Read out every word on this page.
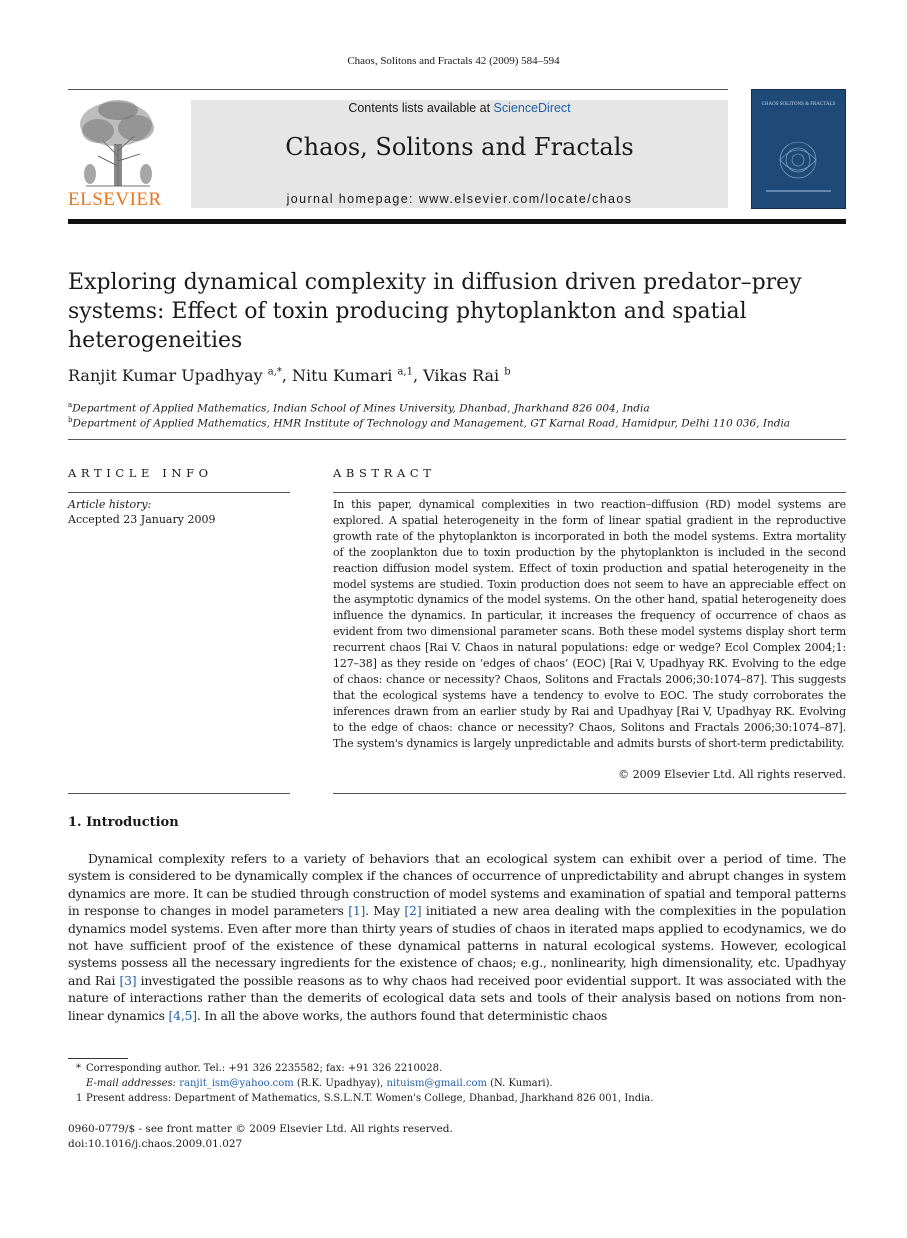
Chaos, Solitons and Fractals 42 (2009) 584–594
ELSEVIER
Contents lists available at ScienceDirect
Chaos, Solitons and Fractals
journal homepage: www.elsevier.com/locate/chaos
CHAOS SOLITONS & FRACTALS
Exploring dynamical complexity in diffusion driven predator–prey systems: Effect of toxin producing phytoplankton and spatial heterogeneities
Ranjit Kumar Upadhyay $^{a,*}$, Nitu Kumari $^{a,1}$, Vikas Rai $^b$
$^a$Department of Applied Mathematics, Indian School of Mines University, Dhanbad, Jharkhand 826 004, India
$^b$Department of Applied Mathematics, HMR Institute of Technology and Management, GT Karnal Road, Hamidpur, Delhi 110 036, India
ARTICLE INFO
Article history:
Accepted 23 January 2009
ABSTRACT
In this paper, dynamical complexities in two reaction–diffusion (RD) model systems are explored. A spatial heterogeneity in the form of linear spatial gradient in the reproductive growth rate of the phytoplankton is incorporated in both the model systems. Extra mortality of the zooplankton due to toxin production by the phytoplankton is included in the second reaction diffusion model system. Effect of toxin production and spatial heterogeneity in the model systems are studied. Toxin production does not seem to have an appreciable effect on the asymptotic dynamics of the model systems. On the other hand, spatial heterogeneity does influence the dynamics. In particular, it increases the frequency of occurrence of chaos as evident from two dimensional parameter scans. Both these model systems display short term recurrent chaos [Rai V. Chaos in natural populations: edge or wedge? Ecol Complex 2004;1: 127–38] as they reside on ‘edges of chaos’ (EOC) [Rai V, Upadhyay RK. Evolving to the edge of chaos: chance or necessity? Chaos, Solitons and Fractals 2006;30:1074–87]. This suggests that the ecological systems have a tendency to evolve to EOC. The study corroborates the inferences drawn from an earlier study by Rai and Upadhyay [Rai V, Upadhyay RK. Evolving to the edge of chaos: chance or necessity? Chaos, Solitons and Fractals 2006;30:1074–87]. The system's dynamics is largely unpredictable and admits bursts of short-term predictability.
© 2009 Elsevier Ltd. All rights reserved.
1. Introduction
Dynamical complexity refers to a variety of behaviors that an ecological system can exhibit over a period of time. The system is considered to be dynamically complex if the chances of occurrence of unpredictability and abrupt changes in system dynamics are more. It can be studied through construction of model systems and examination of spatial and temporal patterns in response to changes in model parameters [1]. May [2] initiated a new area dealing with the complexities in the population dynamics model systems. Even after more than thirty years of studies of chaos in iterated maps applied to ecodynamics, we do not have sufficient proof of the existence of these dynamical patterns in natural ecological systems. However, ecological systems possess all the necessary ingredients for the existence of chaos; e.g., nonlinearity, high dimensionality, etc. Upadhyay and Rai [3] investigated the possible reasons as to why chaos had received poor evidential support. It was associated with the nature of interactions rather than the demerits of ecological data sets and tools of their analysis based on notions from non-linear dynamics [4,5]. In all the above works, the authors found that deterministic chaos
* Corresponding author. Tel.: +91 326 2235582; fax: +91 326 2210028.
E-mail addresses: ranjit_ism@yahoo.com (R.K. Upadhyay), nituism@gmail.com (N. Kumari).
1 Present address: Department of Mathematics, S.S.L.N.T. Women's College, Dhanbad, Jharkhand 826 001, India.
0960-0779/$ - see front matter © 2009 Elsevier Ltd. All rights reserved.
doi:10.1016/j.chaos.2009.01.027
